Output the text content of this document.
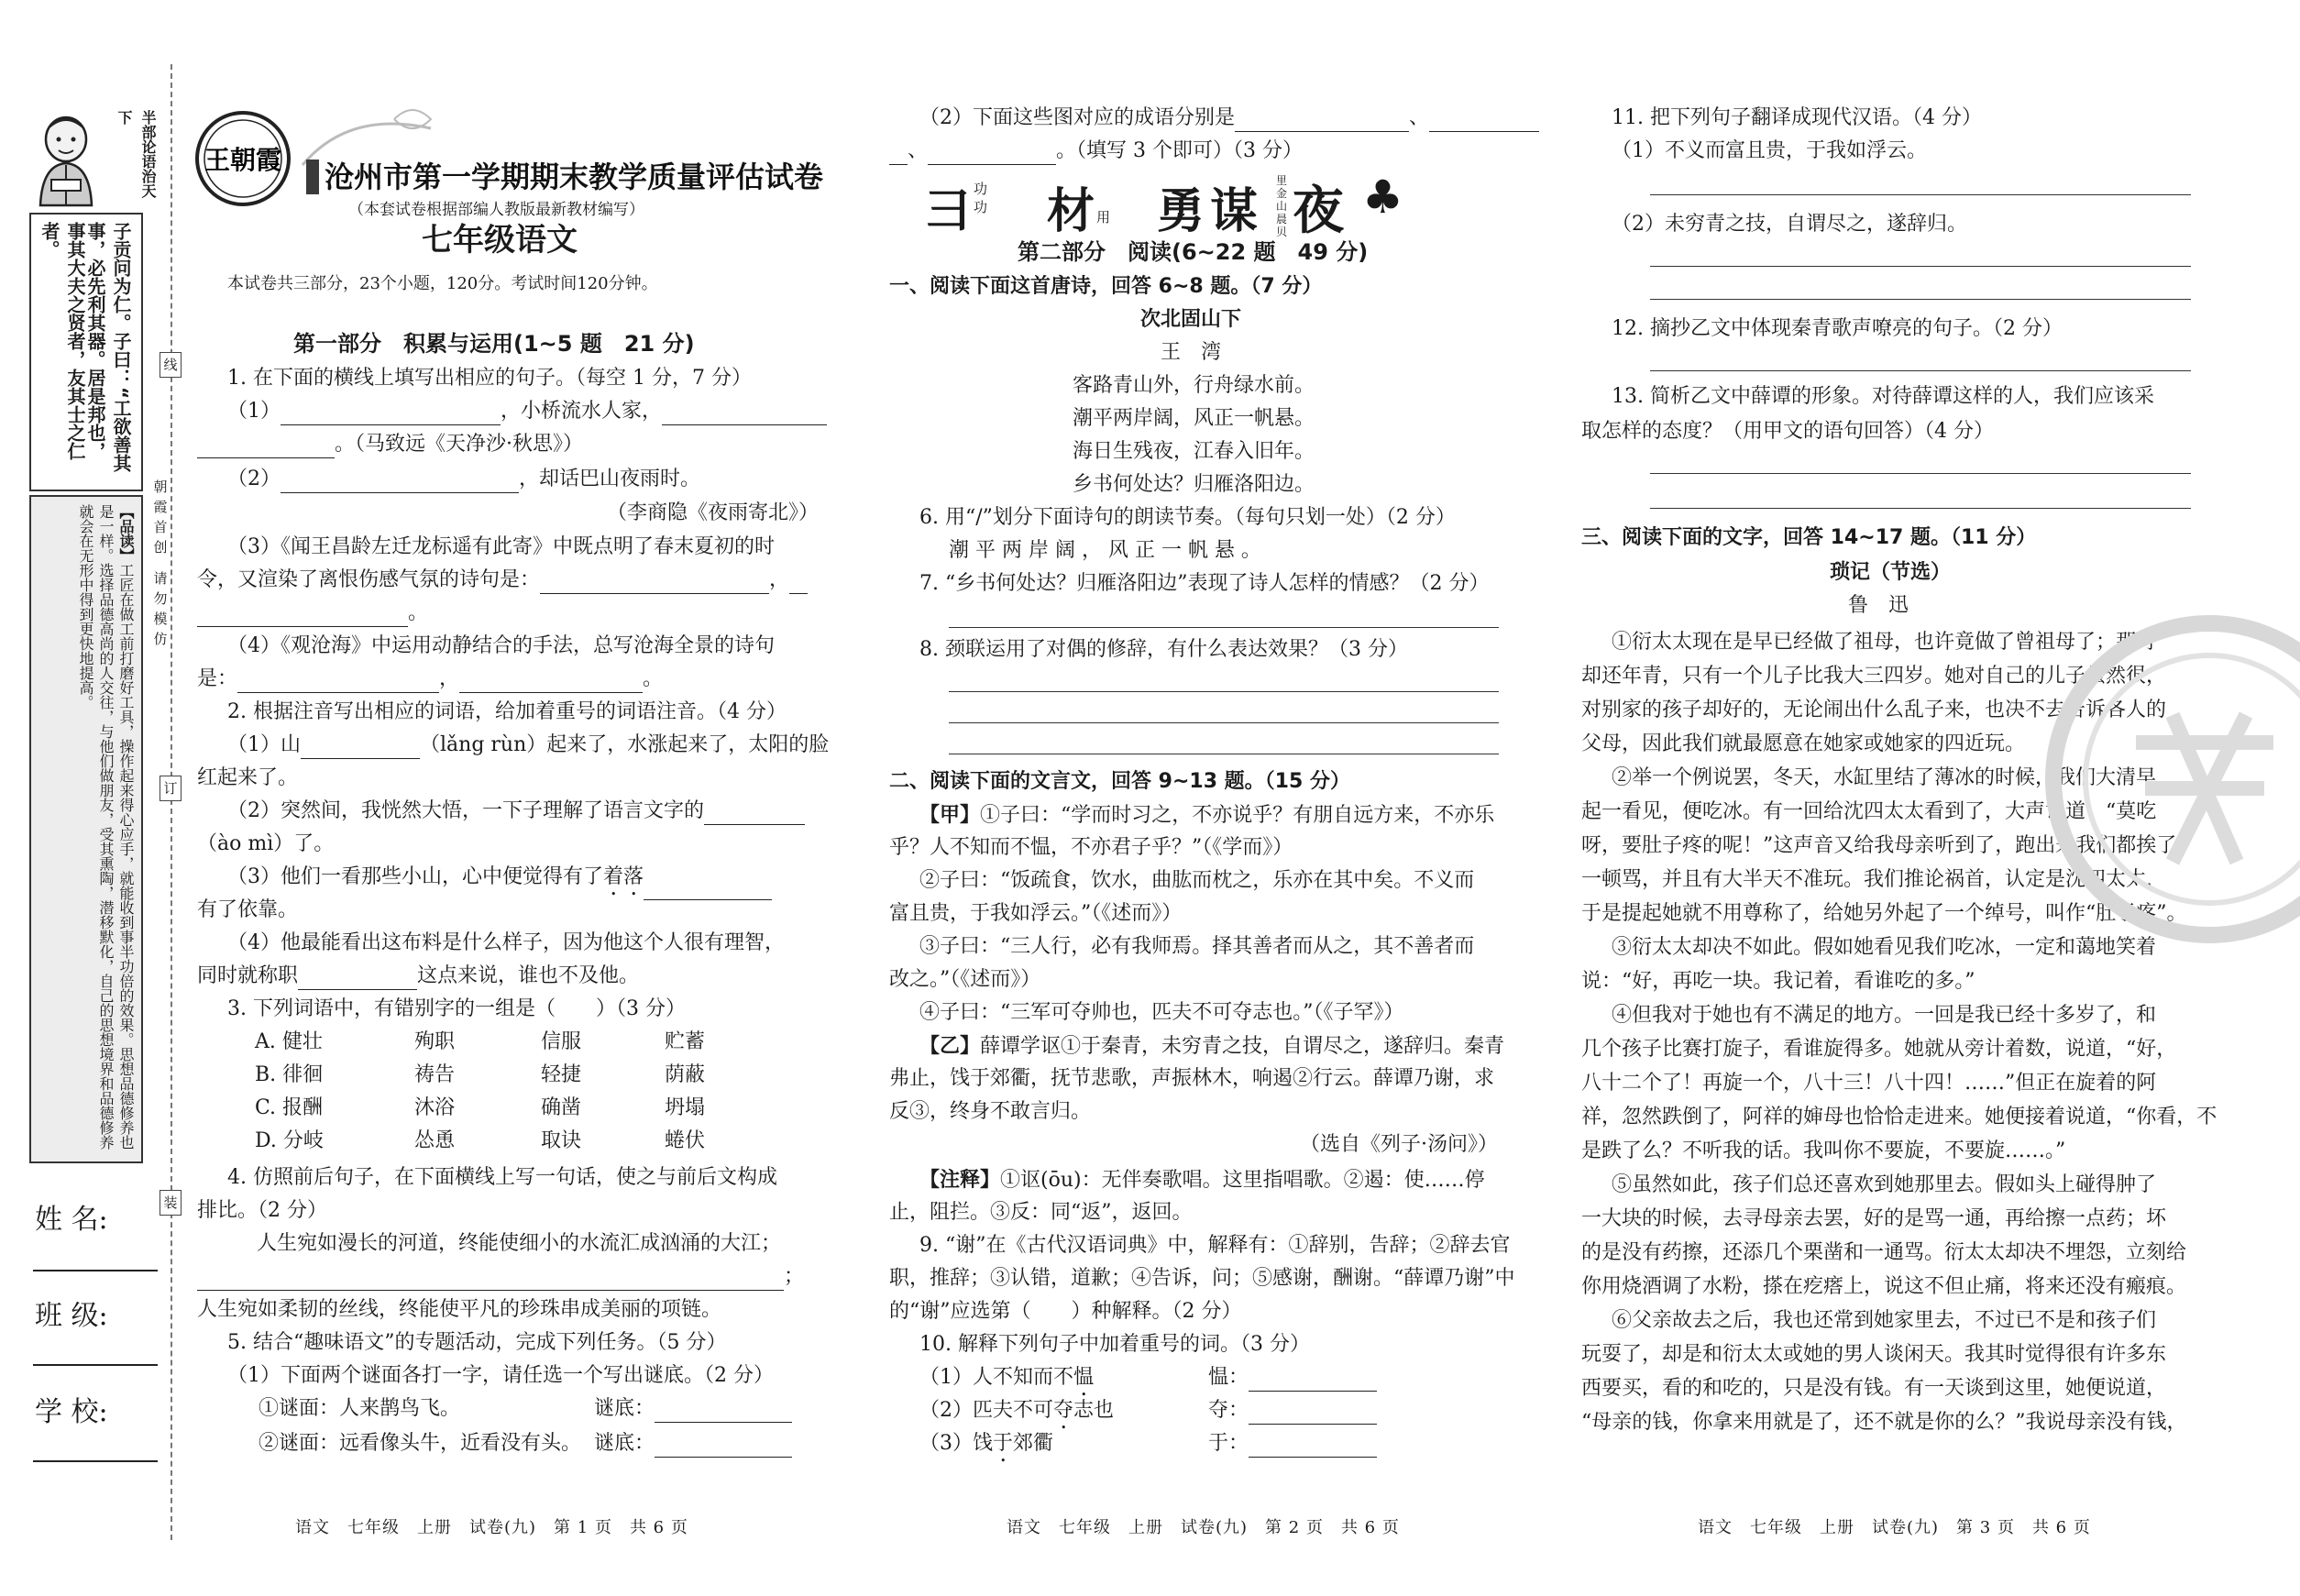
半部论语治天下
子贡问为仁。子曰：“工欲善其事，必先利其器。居是邦也，
事其大夫之贤者，友其士之仁者。
【品读】工匠在做工前打磨好工具，操作起来得心应手，就能收到事半功倍的效果。思想品德修养也是一样。选择品德高尚的人交往，与他们做朋友，受其熏陶，潜移默化，自己的思想境界和品德修养就会在无形中得到更快地提高。
姓 名:
班 级:
学 校:
线
订
装
朝
霞
首
创
请
勿
模
仿
王朝霞 沧州市第一学期期末教学质量评估试卷
（本套试卷根据部编人教版最新教材编写）
七年级语文
本试卷共三部分，23个小题，120分。考试时间120分钟。
第一部分　积累与运用(1~5 题　21 分)
1. 在下面的横线上填写出相应的句子。（每空 1 分，7 分）
（1）	，小桥流水人家，
。（马致远《天净沙·秋思》）
（2）	，却话巴山夜雨时。
（李商隐《夜雨寄北》）
（3）《闻王昌龄左迁龙标遥有此寄》中既点明了春末夏初的时
令，又渲染了离恨伤感气氛的诗句是：	，
。
（4）《观沧海》中运用动静结合的手法，总写沧海全景的诗句
是：	，	。
2. 根据注音写出相应的词语，给加着重号的词语注音。（4 分）
（1）山	（lǎng rùn）起来了，水涨起来了，太阳的脸
红起来了。
（2）突然间，我恍然大悟，一下子理解了语言文字的
（ào mì）了。
（3）他们一看那些小山，心中便觉得有了着落
有了依靠。
（4）他最能看出这布料是什么样子，因为他这个人很有理智，
同时就称职	这点来说，谁也不及他。
3. 下列词语中，有错别字的一组是（　　）（3 分）
A. 健壮	殉职	信服	贮蓄
B. 徘徊	祷告	轻捷	荫蔽
C. 报酬	沐浴	确凿	坍塌
D. 分岐	怂恿	取诀	蜷伏
4. 仿照前后句子，在下面横线上写一句话，使之与前后文构成
排比。（2 分）
人生宛如漫长的河道，终能使细小的水流汇成汹涌的大江；
；
人生宛如柔韧的丝线，终能使平凡的珍珠串成美丽的项链。
5. 结合“趣味语文”的专题活动，完成下列任务。（5 分）
（1）下面两个谜面各打一字，请任选一个写出谜底。（2 分）
①谜面：人来鹊鸟飞。	谜底：
②谜面：远看像头牛，近看没有头。 谜底：
语文　七年级　上册　试卷(九)　第 1 页　共 6 页
（2）下面这些图对应的成语分别是	、
、	。（填写 3 个即可）（3 分）
彐 功 功 材 用 勇谋
里 金 山 晨 贝 夜 ♣
第二部分　阅读(6~22 题　49 分)
一、阅读下面这首唐诗，回答 6~8 题。（7 分）
次北固山下
王　湾
客路青山外，行舟绿水前。
潮平两岸阔，风正一帆悬。
海日生残夜，江春入旧年。
乡书何处达？归雁洛阳边。
6. 用“/”划分下面诗句的朗读节奏。（每句只划一处）（2 分）
潮 平 两 岸 阔 ， 风 正 一 帆 悬 。
7. “乡书何处达？归雁洛阳边”表现了诗人怎样的情感？（2 分）
8. 颈联运用了对偶的修辞，有什么表达效果？（3 分）
二、阅读下面的文言文，回答 9~13 题。（15 分）
【甲】①子曰：“学而时习之，不亦说乎？有朋自远方来，不亦乐
乎？人不知而不愠，不亦君子乎？”（《学而》）
②子曰：“饭疏食，饮水，曲肱而枕之，乐亦在其中矣。不义而
富且贵，于我如浮云。”（《述而》）
③子曰：“三人行，必有我师焉。择其善者而从之，其不善者而
改之。”（《述而》）
④子曰：“三军可夺帅也，匹夫不可夺志也。”（《子罕》）
【乙】薛谭学讴①于秦青，未穷青之技，自谓尽之，遂辞归。秦青
弗止，饯于郊衢，抚节悲歌，声振林木，响遏②行云。薛谭乃谢，求
反③，终身不敢言归。
（选自《列子·汤问》）
【注释】①讴(ōu)：无伴奏歌唱。这里指唱歌。②遏：使……停
止，阻拦。③反：同“返”，返回。
9. “谢”在《古代汉语词典》中，解释有：①辞别，告辞；②辞去官
职，推辞；③认错，道歉；④告诉，问；⑤感谢，酬谢。“薛谭乃谢”中
的“谢”应选第（　　）种解释。（2 分）
10. 解释下列句子中加着重号的词。（3 分）
（1）人不知而不愠	愠：
（2）匹夫不可夺志也	夺：
（3）饯于郊衢	于：
语文　七年级　上册　试卷(九)　第 2 页　共 6 页
11. 把下列句子翻译成现代汉语。（4 分）
（1）不义而富且贵，于我如浮云。
（2）未穷青之技，自谓尽之，遂辞归。
12. 摘抄乙文中体现秦青歌声嘹亮的句子。（2 分）
13. 简析乙文中薛谭的形象。对待薛谭这样的人，我们应该采
取怎样的态度？（用甲文的语句回答）（4 分）
三、阅读下面的文字，回答 14~17 题。（11 分）
琐记（节选）
鲁　迅
①衍太太现在是早已经做了祖母，也许竟做了曾祖母了；那时
却还年青，只有一个儿子比我大三四岁。她对自己的儿子虽然很，
对别家的孩子却好的，无论闹出什么乱子来，也决不去告诉各人的
父母，因此我们就最愿意在她家或她家的四近玩。
②举一个例说罢，冬天，水缸里结了薄冰的时候，我们大清早
起一看见，便吃冰。有一回给沈四太太看到了，大声说道：“莫吃
呀，要肚子疼的呢！”这声音又给我母亲听到了，跑出来我们都挨了
一顿骂，并且有大半天不准玩。我们推论祸首，认定是沈四太太，
于是提起她就不用尊称了，给她另外起了一个绰号，叫作“肚子疼”。
③衍太太却决不如此。假如她看见我们吃冰，一定和蔼地笑着
说：“好，再吃一块。我记着，看谁吃的多。”
④但我对于她也有不满足的地方。一回是我已经十多岁了，和
几个孩子比赛打旋子，看谁旋得多。她就从旁计着数，说道，“好，
八十二个了！再旋一个，八十三！八十四！……”但正在旋着的阿
祥，忽然跌倒了，阿祥的婶母也恰恰走进来。她便接着说道，“你看，不
是跌了么？不听我的话。我叫你不要旋，不要旋……。”
⑤虽然如此，孩子们总还喜欢到她那里去。假如头上碰得肿了
一大块的时候，去寻母亲去罢，好的是骂一通，再给擦一点药；坏
的是没有药擦，还添几个栗凿和一通骂。衍太太却决不埋怨，立刻给
你用烧酒调了水粉，搽在疙瘩上，说这不但止痛，将来还没有瘢痕。
⑥父亲故去之后，我也还常到她家里去，不过已不是和孩子们
玩耍了，却是和衍太太或她的男人谈闲天。我其时觉得很有许多东
西要买，看的和吃的，只是没有钱。有一天谈到这里，她便说道，
“母亲的钱，你拿来用就是了，还不就是你的么？”我说母亲没有钱，
语文　七年级　上册　试卷(九)　第 3 页　共 6 页
